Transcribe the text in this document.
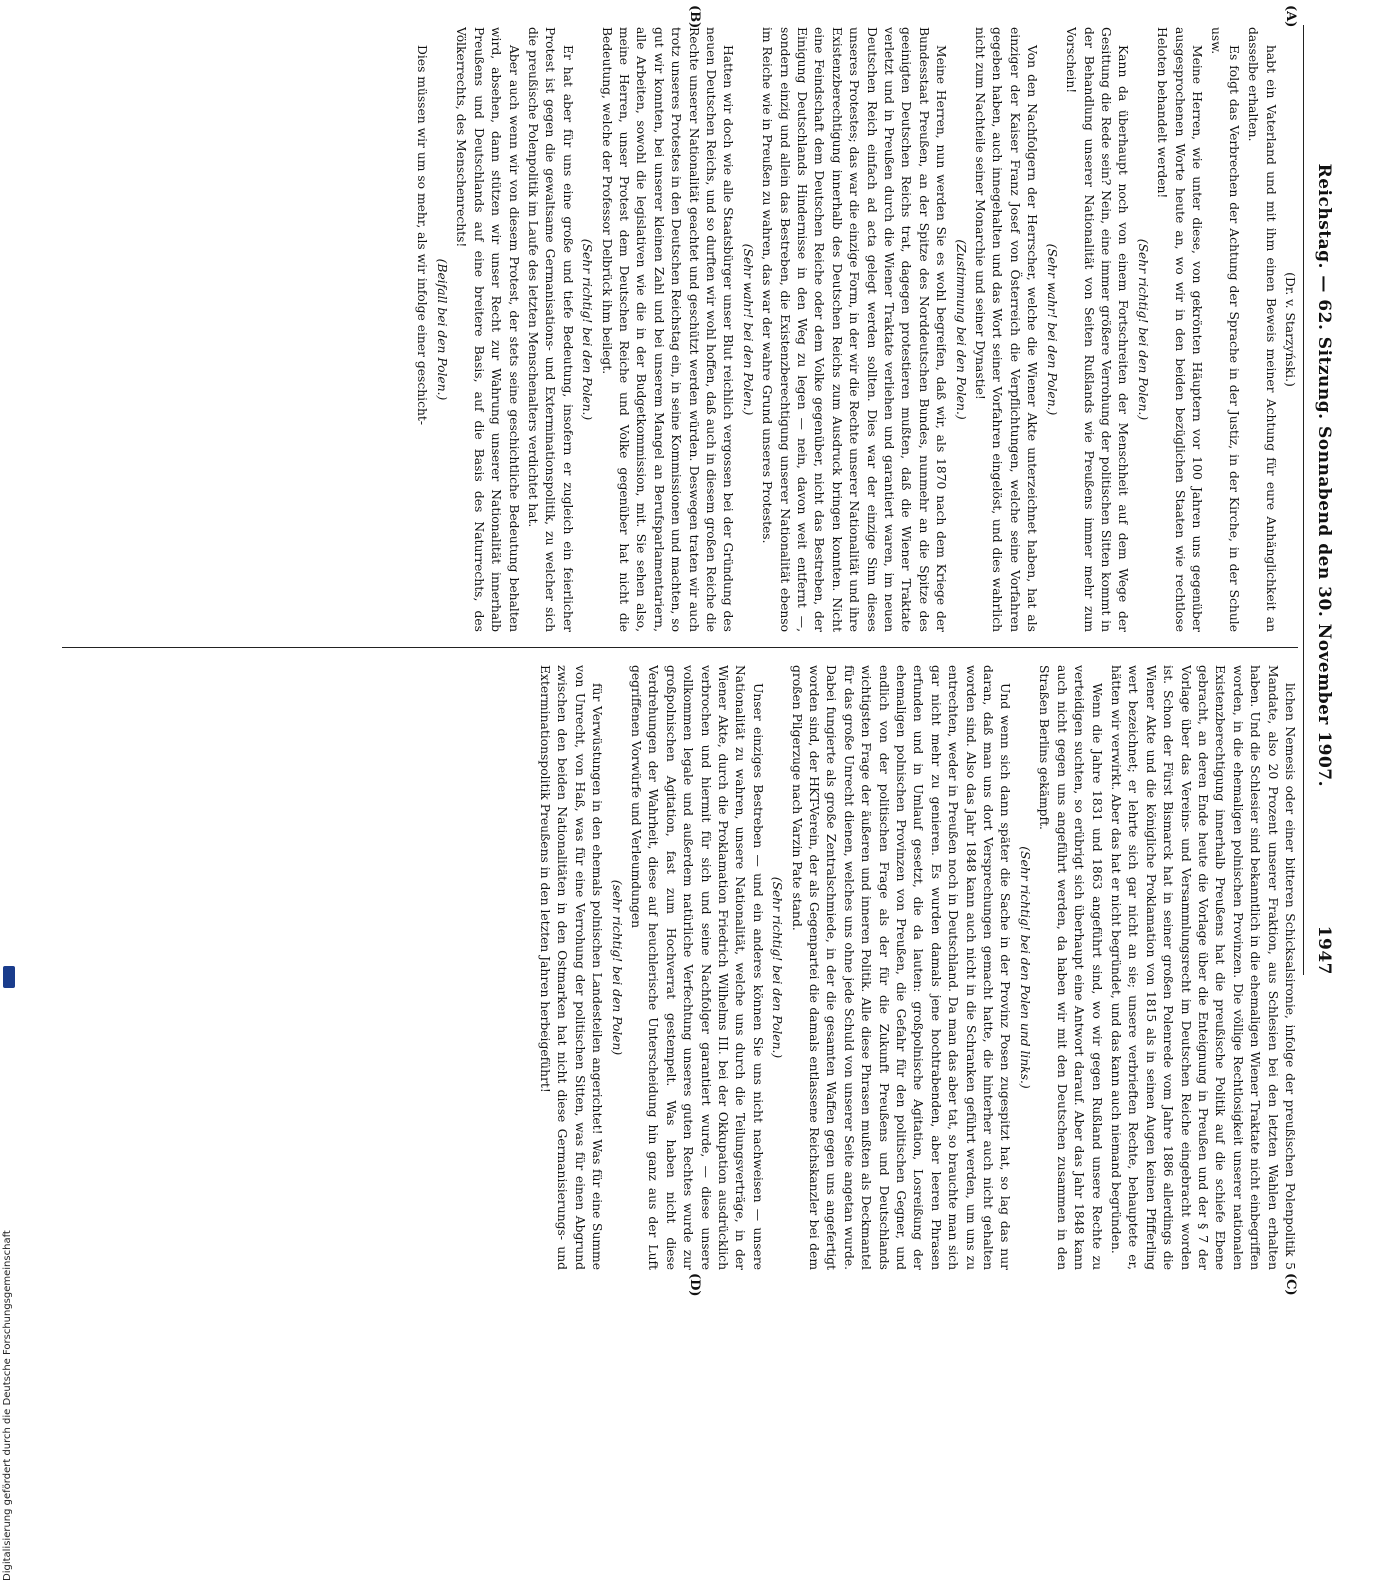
Reichstag. — 62. Sitzung. Sonnabend den 30. November 1907.
1947
(A)
(B)
(C)
(D)

(Dr. v. Starzyński.)

habt ein Vaterland und mit ihm einen Beweis meiner Achtung für eure Anhänglichkeit an dasselbe erhalten.

Es folgt das Verbrechen der Achtung der Sprache in der Justiz, in der Kirche, in der Schule usw.

Meine Herren, wie unter diese, von gekrönten Häuptern vor 100 Jahren uns gegenüber ausgesprochenen Worte heute an, wo wir in den beiden bezüglichen Staaten wie rechtlose Heloten behandelt werden!

(Sehr richtig! bei den Polen.)

Kann da überhaupt noch von einem Fortschreiten der Menschheit auf dem Wege der Gesittung die Rede sein? Nein, eine immer größere Verrohung der politischen Sitten kommt in der Behandlung unserer Nationalität von Seiten Rußlands wie Preußens immer mehr zum Vorschein!

(Sehr wahr! bei den Polen.)

Von den Nachfolgern der Herrscher, welche die Wiener Akte unterzeichnet haben, hat als einziger der Kaiser Franz Josef von Österreich die Verpflichtungen, welche seine Vorfahren gegeben haben, auch innegehalten und das Wort seiner Vorfahren eingelöst, und dies wahrlich nicht zum Nachteile seiner Monarchie und seiner Dynastie!

(Zustimmung bei den Polen.)

Meine Herren, nun werden Sie es wohl begreifen, daß wir, als 1870 nach dem Kriege der Bundesstaat Preußen, an der Spitze des Norddeutschen Bundes, nunmehr an die Spitze des geeinigten Deutschen Reichs trat, dagegen protestieren mußten, daß die Wiener Traktate verletzt und in Preußen durch die Wiener Traktate verliehen und garantiert waren, im neuen Deutschen Reich einfach ad acta gelegt werden sollten. Dies war der einzige Sinn dieses unseres Protestes; das war die einzige Form, in der wir die Rechte unserer Nationalität und ihre Existenzberechtigung innerhalb des Deutschen Reichs zum Ausdruck bringen konnten. Nicht eine Feindschaft dem Deutschen Reiche oder dem Volke gegenüber, nicht das Bestreben, der Einigung Deutschlands Hindernisse in den Weg zu legen — nein, davon weit entfernt —, sondern einzig und allein das Bestreben, die Existenzberechtigung unserer Nationalität ebenso im Reiche wie in Preußen zu wahren, das war der wahre Grund unseres Protestes.

(Sehr wahr! bei den Polen.)

Hatten wir doch wie alle Staatsbürger unser Blut reichlich vergossen bei der Gründung des neuen Deutschen Reichs, und so durften wir wohl hoffen, daß auch in diesem großen Reiche die Rechte unserer Nationalität geachtet und geschützt werden würden. Deswegen traten wir auch trotz unseres Protestes in den Deutschen Reichstag ein, in seine Kommissionen und machten, so gut wir konnten, bei unserer kleinen Zahl und bei unserem Mangel an Berufsparlamentariern, alle Arbeiten, sowohl die legislativen wie die in der Budgetkommission, mit. Sie sehen also, meine Herren, unser Protest dem Deutschen Reiche und Volke gegenüber hat nicht die Bedeutung, welche der Professor Delbrück ihm beilegt.

(Sehr richtig! bei den Polen.)

Er hat aber für uns eine große und tiefe Bedeutung, insofern er zugleich ein feierlicher Protest ist gegen die gewaltsame Germanisations- und Exterminationspolitik, zu welcher sich die preußische Polenpolitik im Laufe des letzten Menschenalters verdichtet hat.

Aber auch wenn wir von diesem Protest, der stets seine geschichtliche Bedeutung behalten wird, absehen, dann stützen wir unser Recht zur Wahrung unserer Nationalität innerhalb Preußens und Deutschlands auf eine breitere Basis, auf die Basis des Naturrechts, des Völkerrechts, des Menschenrechts!

(Beifall bei den Polen.)

Dies müssen wir um so mehr, als wir infolge einer geschicht-

lichen Nemesis oder einer bitteren Schicksalsironie, infolge der preußischen Polenpolitik 5 Mandate, also 20 Prozent unserer Fraktion, aus Schlesien bei den letzten Wahlen erhalten haben. Und die Schlesier sind bekanntlich in die ehemaligen Wiener Traktate nicht einbegriffen worden, in die ehemaligen polnischen Provinzen. Die völlige Rechtlosigkeit unserer nationalen Existenzberechtigung innerhalb Preußens hat die preußische Politik auf die schiefe Ebene gebracht, an deren Ende heute die Vorlage über die Enteignung in Preußen und der § 7 der Vorlage über das Vereins- und Versammlungsrecht im Deutschen Reiche eingebracht worden ist. Schon der Fürst Bismarck hat in seiner großen Polenrede vom Jahre 1886 allerdings die Wiener Akte und die königliche Proklamation von 1815 als in seinen Augen keinen Pfifferling wert bezeichnet; er lehrte sich gar nicht an sie; unsere verbrieften Rechte, behauptete er, hätten wir verwirkt. Aber das hat er nicht begründet, und das kann auch niemand begründen.

Wenn die Jahre 1831 und 1863 angeführt sind, wo wir gegen Rußland unsere Rechte zu verteidigen suchten, so erübrigt sich überhaupt eine Antwort darauf. Aber das Jahr 1848 kann auch nicht gegen uns angeführt werden, da haben wir mit den Deutschen zusammen in den Straßen Berlins gekämpft.

(Sehr richtig! bei den Polen und links.)

Und wenn sich dann später die Sache in der Provinz Posen zugespitzt hat, so lag das nur daran, daß man uns dort Versprechungen gemacht hatte, die hinterher auch nicht gehalten worden sind. Also das Jahr 1848 kann auch nicht in die Schranken geführt werden, um uns zu entrechten, weder in Preußen noch in Deutschland. Da man das aber tat, so brauchte man sich gar nicht mehr zu genieren. Es wurden damals jene hochtrabenden, aber leeren Phrasen erfunden und in Umlauf gesetzt, die da lauten: großpolnische Agitation, Losreißung der ehemaligen polnischen Provinzen von Preußen, die Gefahr für den politischen Gegner, und endlich von der politischen Frage als der für die Zukunft Preußens und Deutschlands wichtigsten Frage der äußeren und inneren Politik. Alle diese Phrasen mußten als Deckmantel für das große Unrecht dienen, welches uns ohne jede Schuld von unserer Seite angetan wurde. Dabei fungierte als große Zentralschmiede, in der die gesamten Waffen gegen uns angefertigt worden sind, der HKT-Verein, der als Gegenpartei die damals entlassene Reichskanzler bei dem großen Pilgerzuge nach Varzin Pate stand.

(Sehr richtig! bei den Polen.)

Unser einziges Bestreben — und ein anderes können Sie uns nicht nachweisen — unsere Nationalität zu wahren, unsere Nationalität, welche uns durch die Teilungsverträge, in der Wiener Akte, durch die Proklamation Friedrich Wilhelms III. bei der Okkupation ausdrücklich verbrochen und hiermit für sich und seine Nachfolger garantiert wurde, — diese unsere vollkommen legale und außerdem natürliche Verfechtung unseres guten Rechtes wurde zur großpolnischen Agitation, fast zum Hochverrat gestempelt. Was haben nicht diese Verdrehungen der Wahrheit, diese auf heuchlerische Unterscheidung hin ganz aus der Luft gegriffenen Vorwürfe und Verleumdungen

(sehr richtig! bei den Polen)

für Verwüstungen in den ehemals polnischen Landesteilen angerichtet! Was für eine Summe von Unrecht, von Haß, was für eine Verrohung der politischen Sitten, was für einen Abgrund zwischen den beiden Nationalitäten in den Ostmarken hat nicht diese Germanisierungs- und Exterminationspolitik Preußens in den letzten Jahren herbeigeführt!

Digitalisierung gefördert durch die Deutsche Forschungsgemeinschaft
